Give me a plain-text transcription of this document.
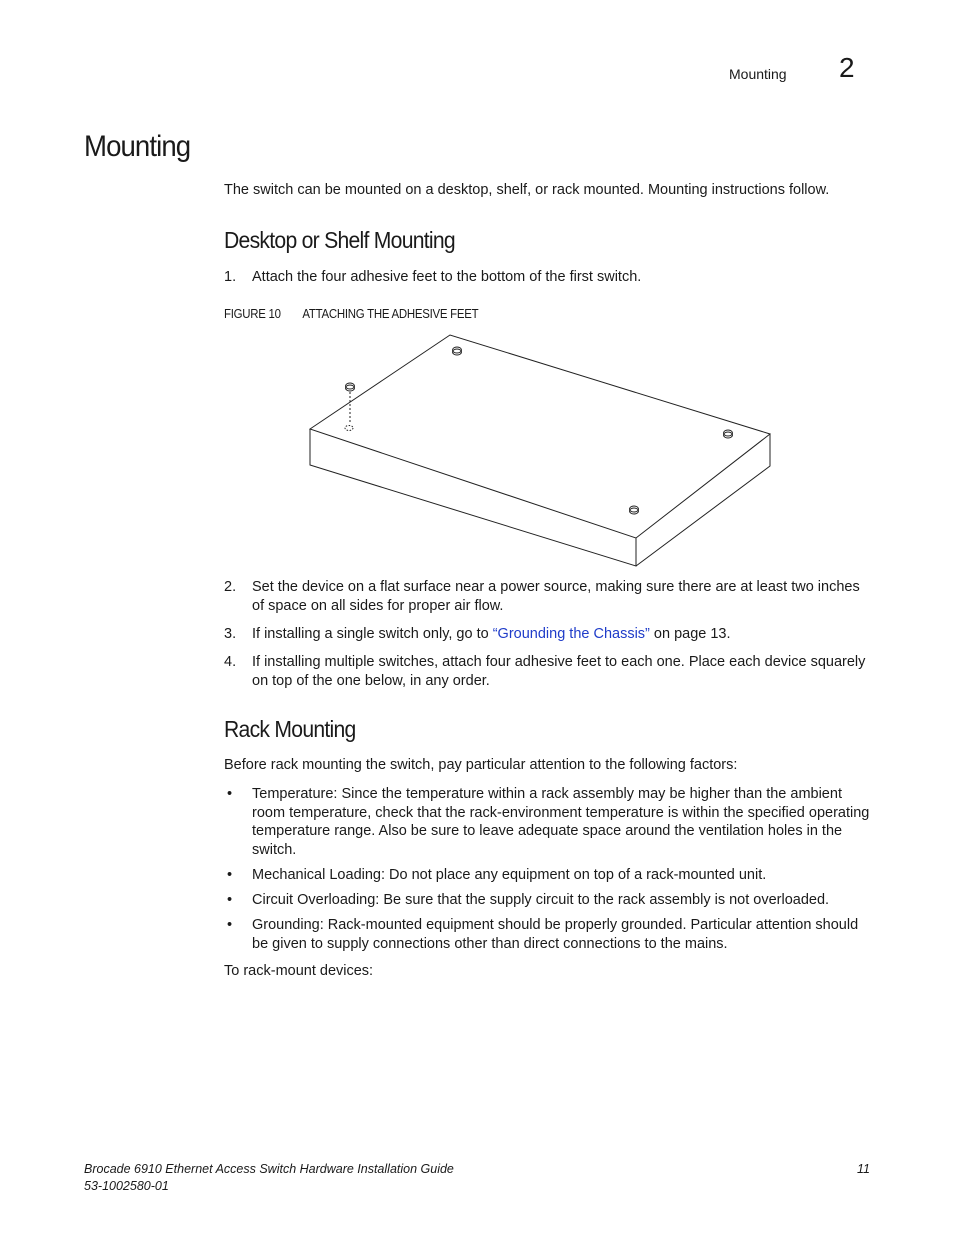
Mounting 2
Mounting
The switch can be mounted on a desktop, shelf, or rack mounted. Mounting instructions follow.
Desktop or Shelf Mounting
1. Attach the four adhesive feet to the bottom of the first switch.
FIGURE 10 ATTACHING THE ADHESIVE FEET
2. Set the device on a flat surface near a power source, making sure there are at least two inches of space on all sides for proper air flow.
3. If installing a single switch only, go to “Grounding the Chassis” on page 13.
4. If installing multiple switches, attach four adhesive feet to each one. Place each device squarely on top of the one below, in any order.
Rack Mounting
Before rack mounting the switch, pay particular attention to the following factors:
• Temperature: Since the temperature within a rack assembly may be higher than the ambient room temperature, check that the rack-environment temperature is within the specified operating temperature range. Also be sure to leave adequate space around the ventilation holes in the switch.
• Mechanical Loading: Do not place any equipment on top of a rack-mounted unit.
• Circuit Overloading: Be sure that the supply circuit to the rack assembly is not overloaded.
• Grounding: Rack-mounted equipment should be properly grounded. Particular attention should be given to supply connections other than direct connections to the mains.
To rack-mount devices:
Brocade 6910 Ethernet Access Switch Hardware Installation Guide
53-1002580-01
11
